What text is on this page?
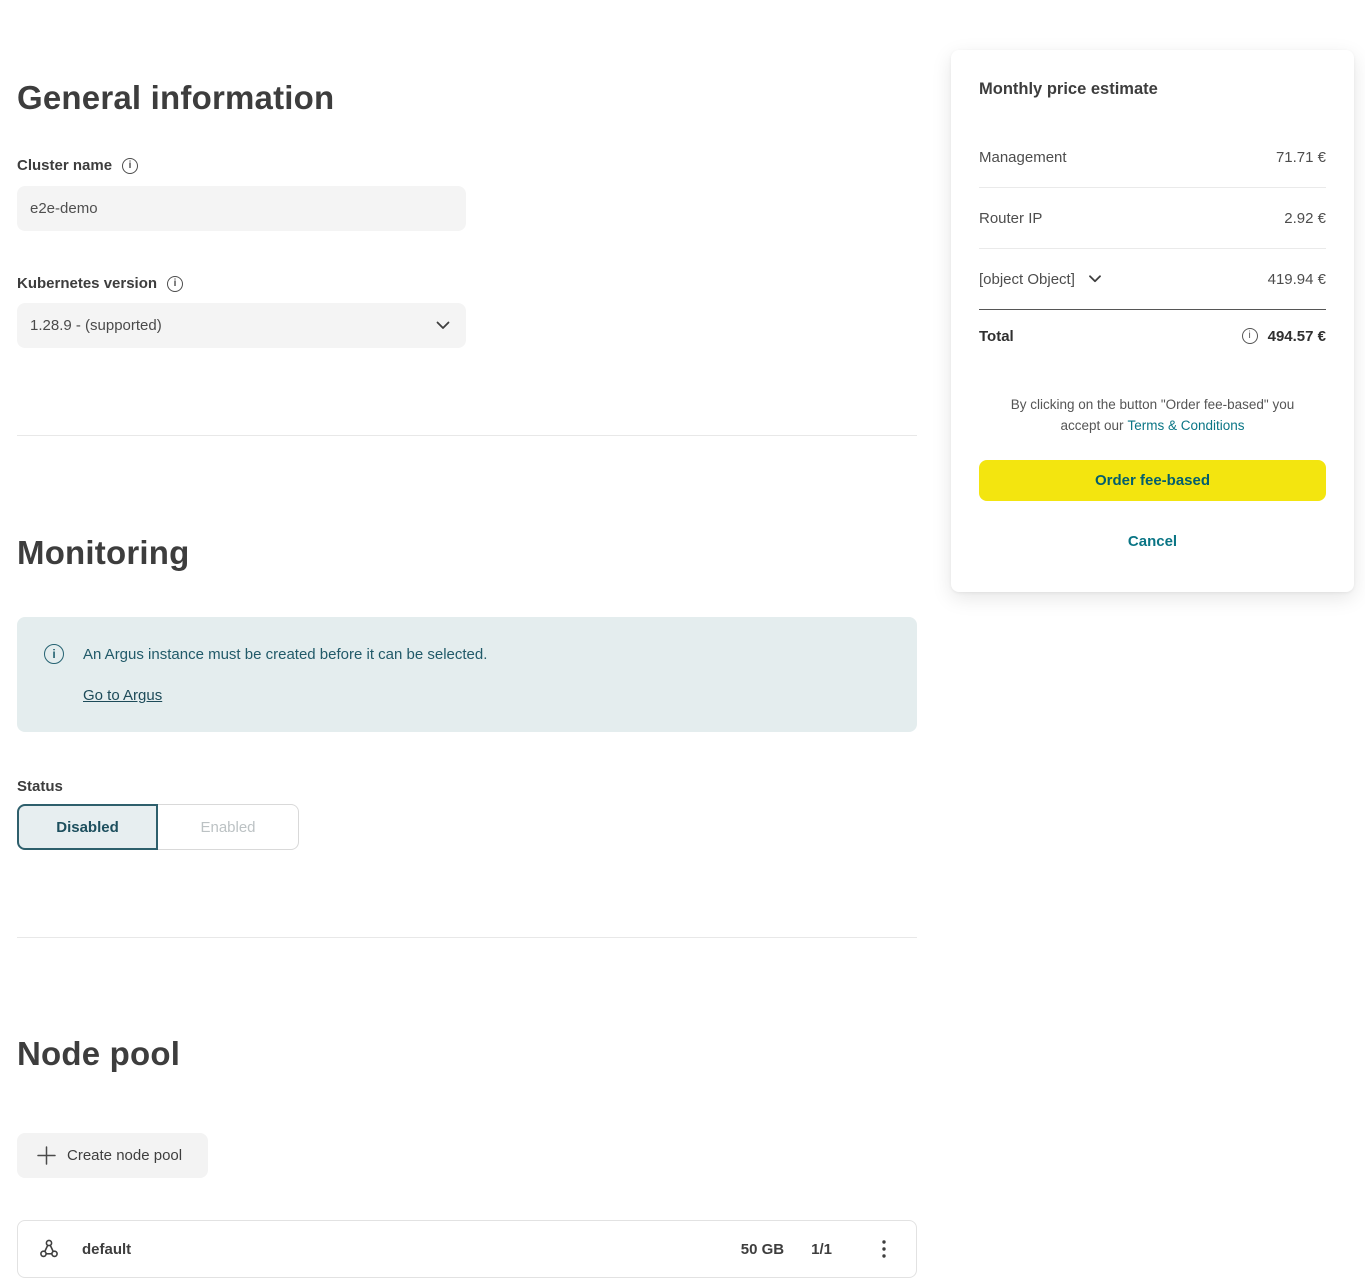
General information
Cluster name
i
e2e-demo
Kubernetes version
i
1.28.9 - (supported)
Monitoring
i
An Argus instance must be created before it can be selected.
Go to Argus
Status
Disabled	Enabled
Node pool
Create node pool
default	50 GB 1/1
Monthly price estimate
Management	71.71 €
Router IP	2.92 €
[object Object]	419.94 €
Total i	494.57 €
By clicking on the button "Order fee-based" you
accept our Terms & Conditions
Order fee-based
Cancel
